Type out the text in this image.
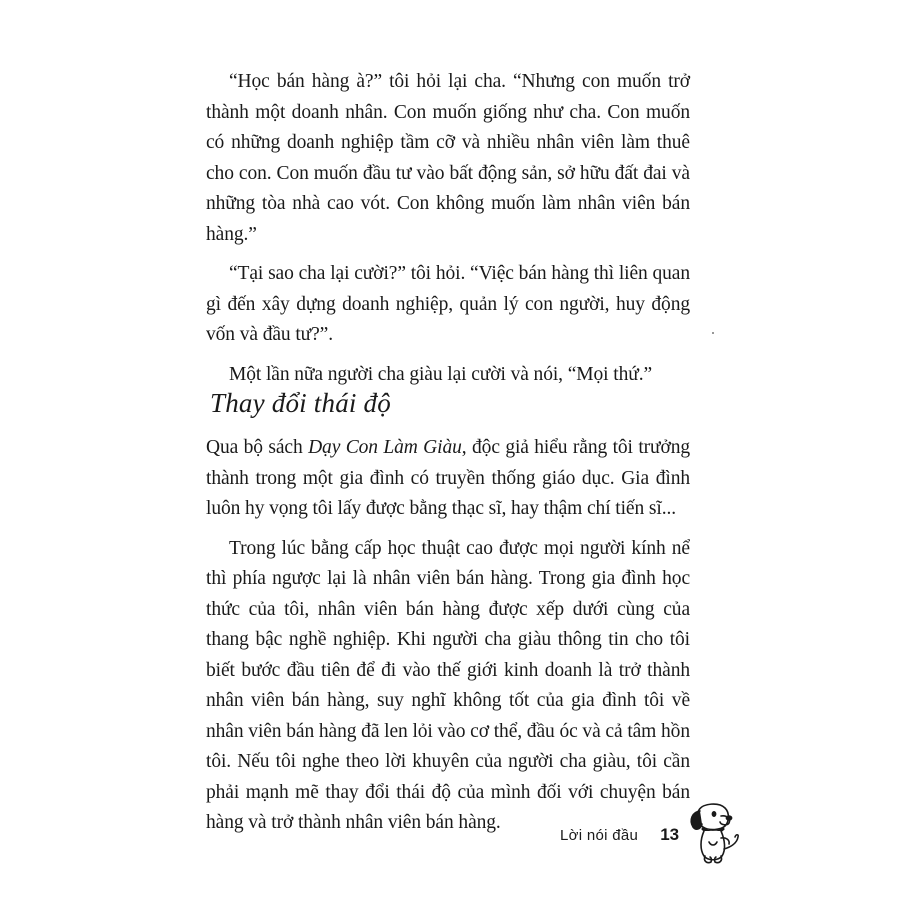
“Học bán hàng à?” tôi hỏi lại cha. “Nhưng con muốn trở thành một doanh nhân. Con muốn giống như cha. Con muốn có những doanh nghiệp tầm cỡ và nhiều nhân viên làm thuê cho con. Con muốn đầu tư vào bất động sản, sở hữu đất đai và những tòa nhà cao vót. Con không muốn làm nhân viên bán hàng.”

“Tại sao cha lại cười?” tôi hỏi. “Việc bán hàng thì liên quan gì đến xây dựng doanh nghiệp, quản lý con người, huy động vốn và đầu tư?”.

Một lần nữa người cha giàu lại cười và nói, “Mọi thứ.”

Thay đổi thái độ

Qua bộ sách Dạy Con Làm Giàu, độc giả hiểu rằng tôi trưởng thành trong một gia đình có truyền thống giáo dục. Gia đình luôn hy vọng tôi lấy được bằng thạc sĩ, hay thậm chí tiến sĩ...

Trong lúc bằng cấp học thuật cao được mọi người kính nể thì phía ngược lại là nhân viên bán hàng. Trong gia đình học thức của tôi, nhân viên bán hàng được xếp dưới cùng của thang bậc nghề nghiệp. Khi người cha giàu thông tin cho tôi biết bước đầu tiên để đi vào thế giới kinh doanh là trở thành nhân viên bán hàng, suy nghĩ không tốt của gia đình tôi về nhân viên bán hàng đã len lỏi vào cơ thể, đầu óc và cả tâm hồn tôi. Nếu tôi nghe theo lời khuyên của người cha giàu, tôi cần phải mạnh mẽ thay đổi thái độ của mình đối với chuyện bán hàng và trở thành nhân viên bán hàng.

Lời nói đầu 13
